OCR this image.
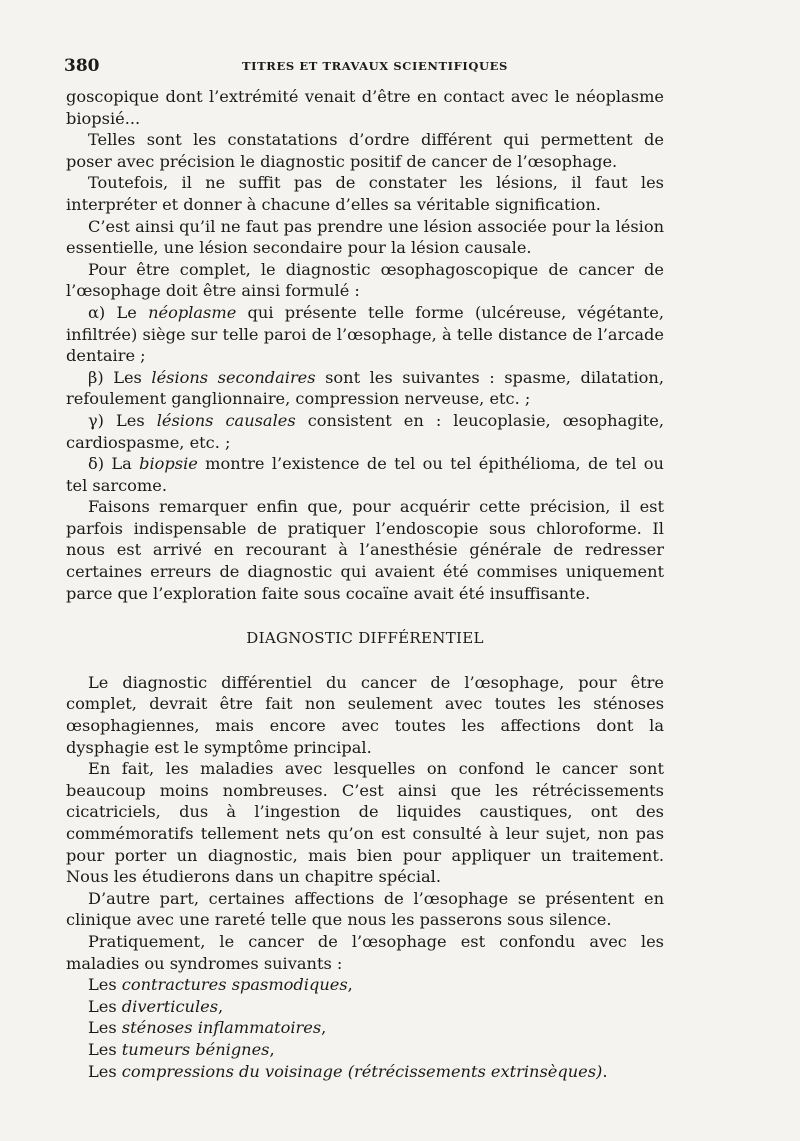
380	TITRES ET TRAVAUX SCIENTIFIQUES

goscopique dont l’extrémité venait d’être en contact avec le néoplasme biopsié...

Telles sont les constatations d’ordre différent qui permettent de poser avec précision le diagnostic positif de cancer de l’œsophage.

Toutefois, il ne suffit pas de constater les lésions, il faut les interpréter et donner à chacune d’elles sa véritable signification.

C’est ainsi qu’il ne faut pas prendre une lésion associée pour la lésion essentielle, une lésion secondaire pour la lésion causale.

Pour être complet, le diagnostic œsophagoscopique de cancer de l’œsophage doit être ainsi formulé :

α) Le néoplasme qui présente telle forme (ulcéreuse, végétante, infiltrée) siège sur telle paroi de l’œsophage, à telle distance de l’arcade dentaire ;

β) Les lésions secondaires sont les suivantes : spasme, dilatation, refoulement ganglionnaire, compression nerveuse, etc. ;

γ) Les lésions causales consistent en : leucoplasie, œsophagite, cardiospasme, etc. ;

δ) La biopsie montre l’existence de tel ou tel épithélioma, de tel ou tel sarcome.

Faisons remarquer enfin que, pour acquérir cette précision, il est parfois indispensable de pratiquer l’endoscopie sous chloroforme. Il nous est arrivé en recourant à l’anesthésie générale de redresser certaines erreurs de diagnostic qui avaient été commises uniquement parce que l’exploration faite sous cocaïne avait été insuffisante.

DIAGNOSTIC DIFFÉRENTIEL

Le diagnostic différentiel du cancer de l’œsophage, pour être complet, devrait être fait non seulement avec toutes les sténoses œsophagiennes, mais encore avec toutes les affections dont la dysphagie est le symptôme principal.

En fait, les maladies avec lesquelles on confond le cancer sont beaucoup moins nombreuses. C’est ainsi que les rétrécissements cicatriciels, dus à l’ingestion de liquides caustiques, ont des commémoratifs tellement nets qu’on est consulté à leur sujet, non pas pour porter un diagnostic, mais bien pour appliquer un traitement. Nous les étudierons dans un chapitre spécial.

D’autre part, certaines affections de l’œsophage se présentent en clinique avec une rareté telle que nous les passerons sous silence.

Pratiquement, le cancer de l’œsophage est confondu avec les maladies ou syndromes suivants :

Les contractures spasmodiques,
Les diverticules,
Les sténoses inflammatoires,
Les tumeurs bénignes,
Les compressions du voisinage (rétrécissements extrinsèques).
